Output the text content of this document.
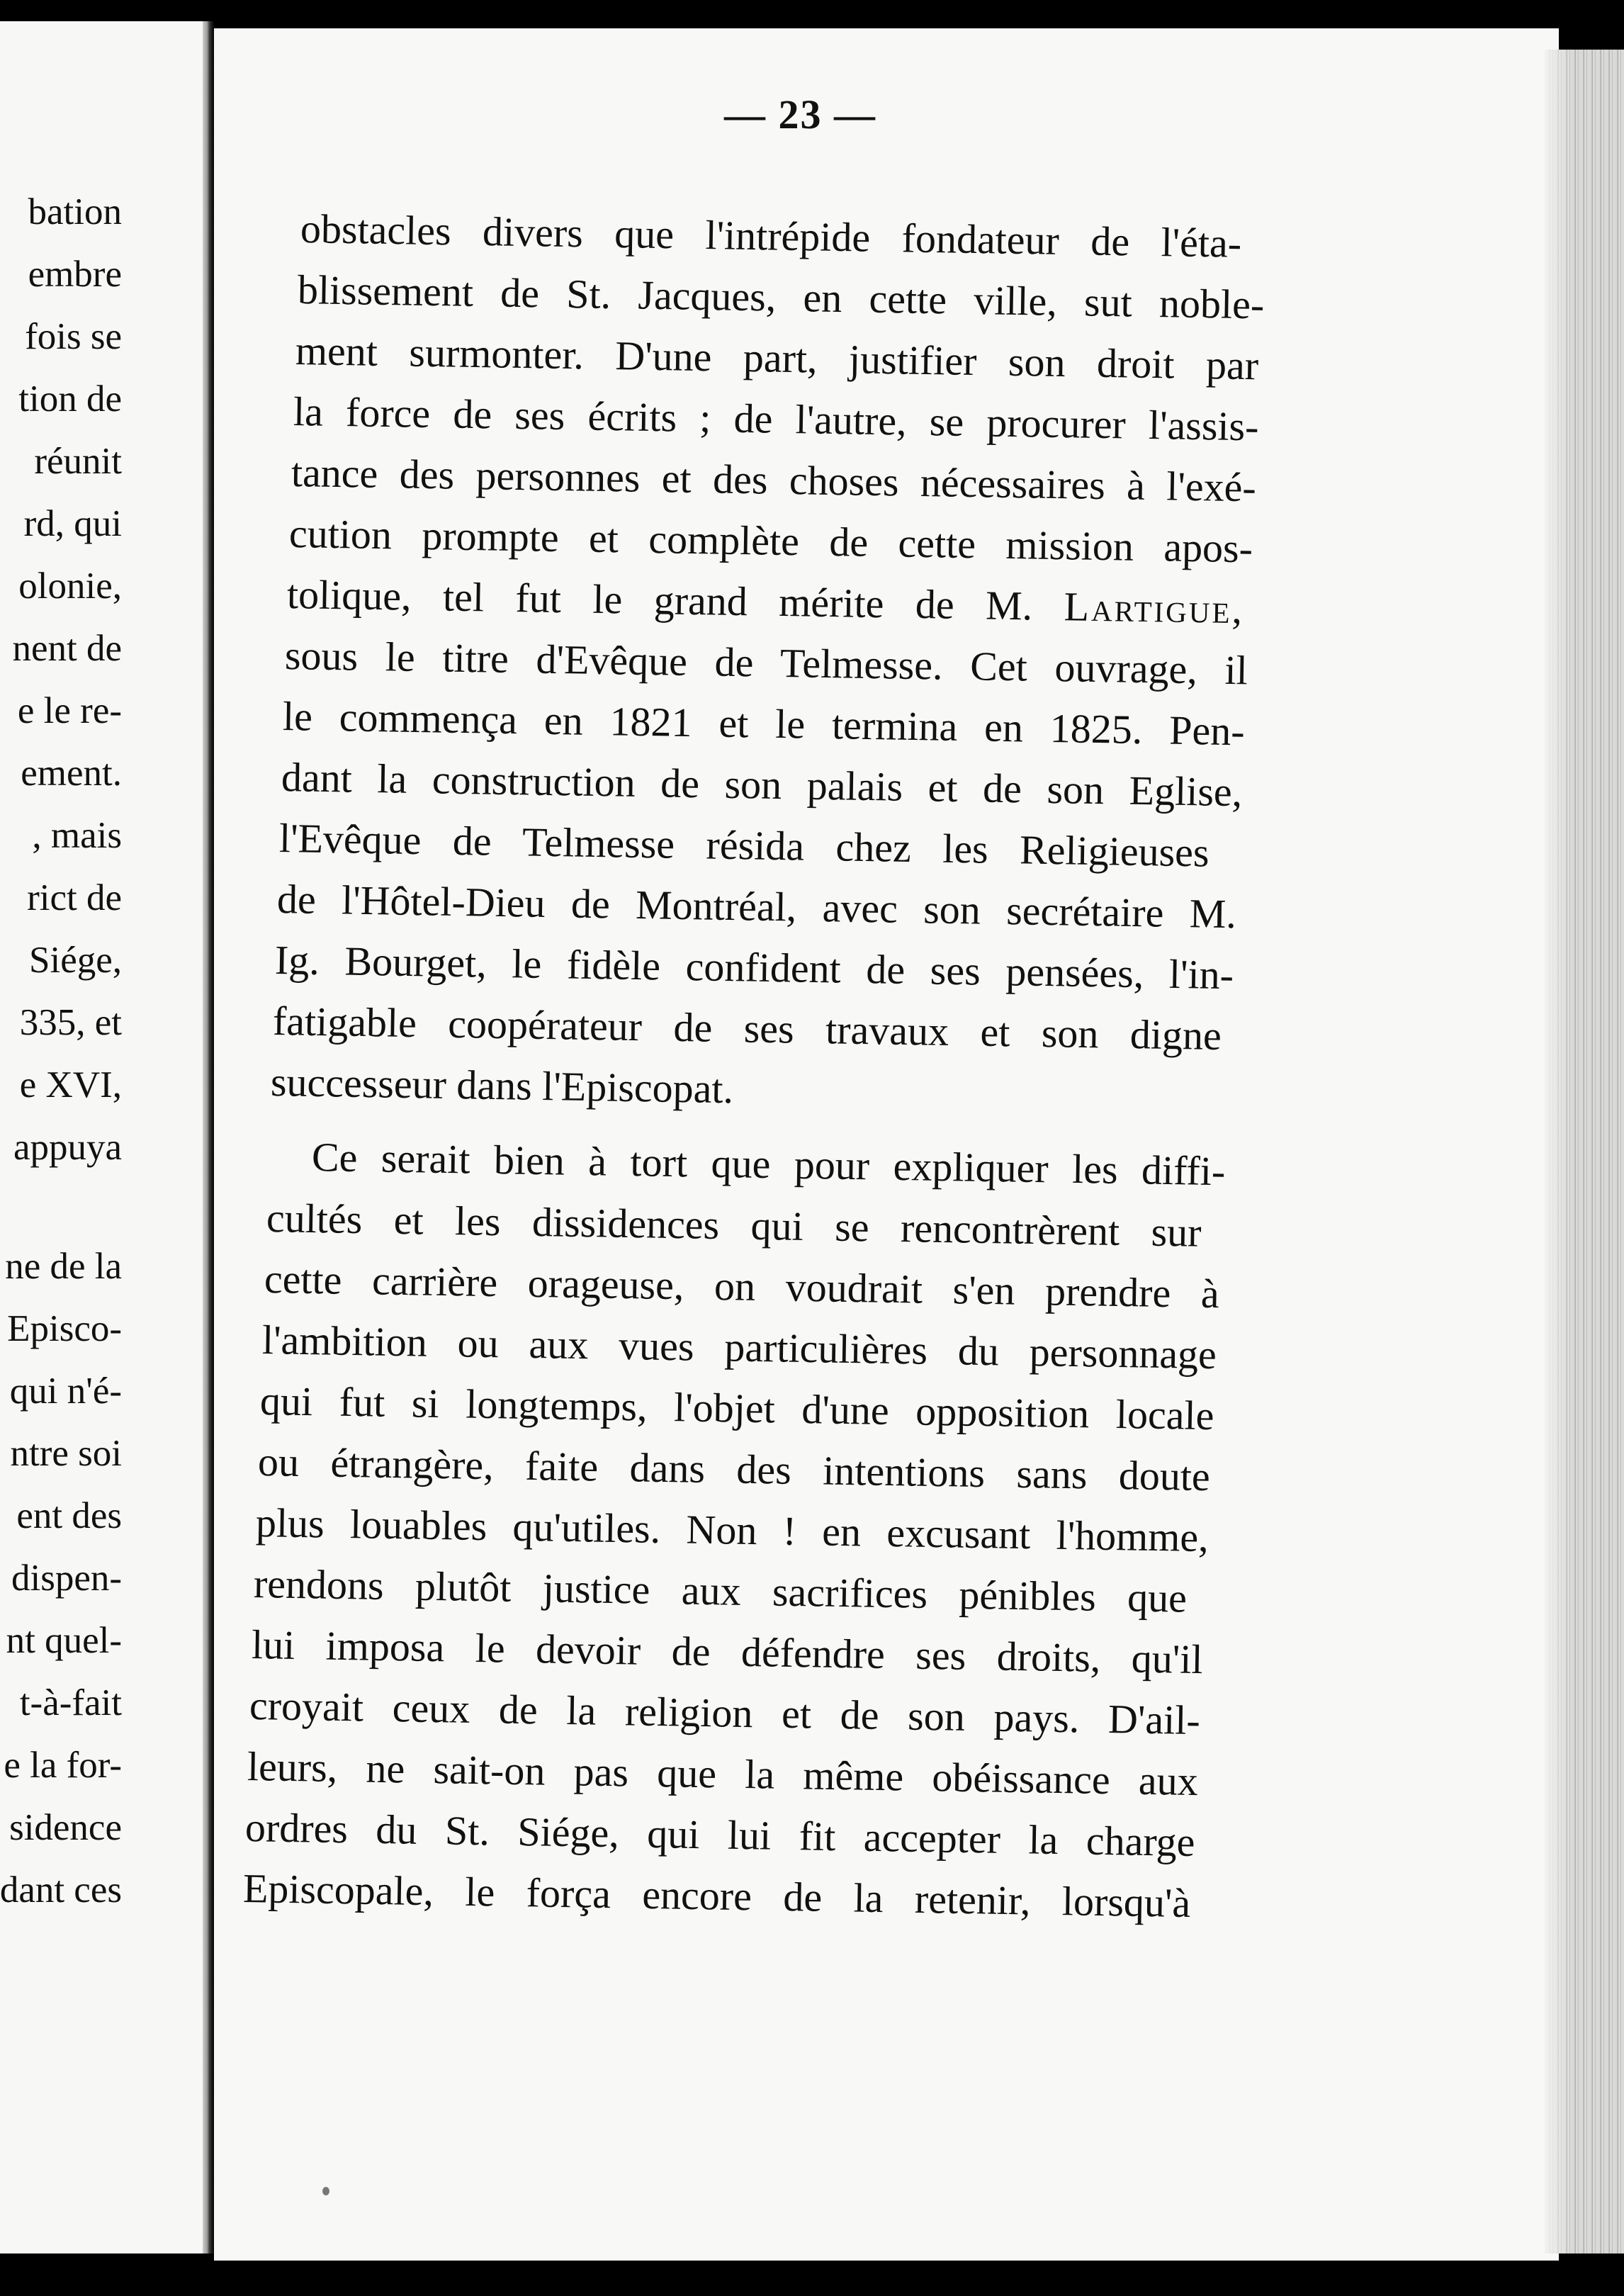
bation
embre
fois se
tion de
réunit
rd, qui
olonie,
nent de
e le re-
ement.
, mais
rict de
Siége,
335, et
e XVI,
appuya
ne de la
Episco-
qui n'é-
ntre soi
ent des
dispen-
nt quel-
t-à-fait
e la for-
sidence
dant ces
— 23 —
obstacles divers que l'intrépide fondateur de l'éta-
blissement de St. Jacques, en cette ville, sut noble-
ment surmonter. D'une part, justifier son droit par
la force de ses écrits ; de l'autre, se procurer l'assis-
tance des personnes et des choses nécessaires à l'exé-
cution prompte et complète de cette mission apos-
tolique, tel fut le grand mérite de M. Lartigue,
sous le titre d'Evêque de Telmesse. Cet ouvrage, il
le commença en 1821 et le termina en 1825. Pen-
dant la construction de son palais et de son Eglise,
l'Evêque de Telmesse résida chez les Religieuses
de l'Hôtel-Dieu de Montréal, avec son secrétaire M.
Ig. Bourget, le fidèle confident de ses pensées, l'in-
fatigable coopérateur de ses travaux et son digne
successeur dans l'Episcopat.
Ce serait bien à tort que pour expliquer les diffi-
cultés et les dissidences qui se rencontrèrent sur
cette carrière orageuse, on voudrait s'en prendre à
l'ambition ou aux vues particulières du personnage
qui fut si longtemps, l'objet d'une opposition locale
ou étrangère, faite dans des intentions sans doute
plus louables qu'utiles. Non ! en excusant l'homme,
rendons plutôt justice aux sacrifices pénibles que
lui imposa le devoir de défendre ses droits, qu'il
croyait ceux de la religion et de son pays. D'ail-
leurs, ne sait-on pas que la même obéissance aux
ordres du St. Siége, qui lui fit accepter la charge
Episcopale, le força encore de la retenir, lorsqu'à
